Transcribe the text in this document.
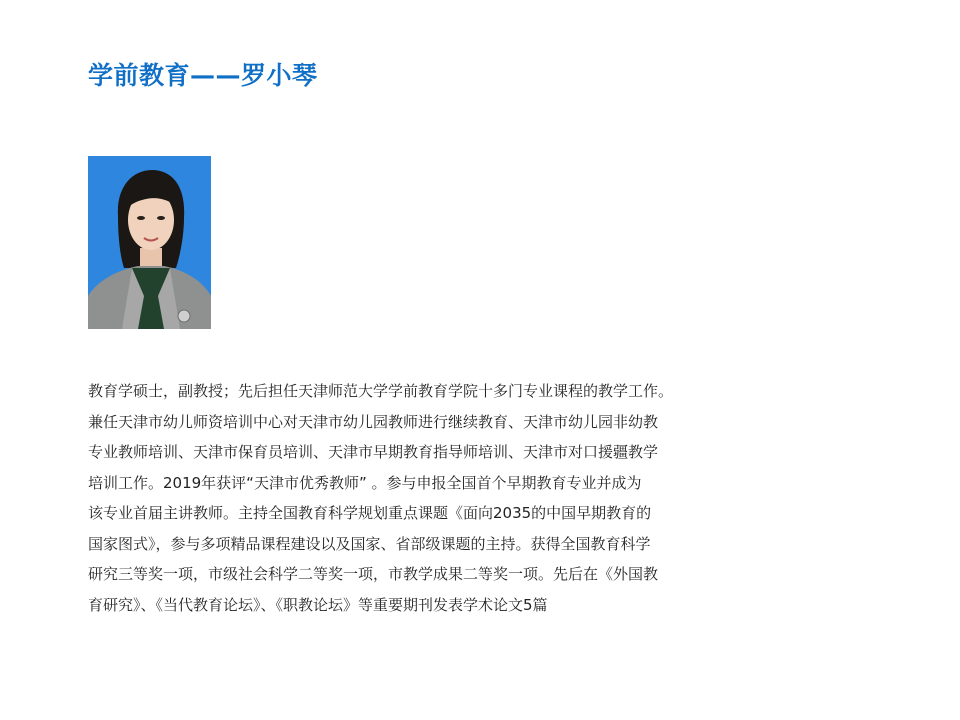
学前教育——罗小琴
教育学硕士，副教授；先后担任天津师范大学学前教育学院十多门专业课程的教学工作。
兼任天津市幼儿师资培训中心对天津市幼儿园教师进行继续教育、天津市幼儿园非幼教
专业教师培训、天津市保育员培训、天津市早期教育指导师培训、天津市对口援疆教学
培训工作。2019年获评“天津市优秀教师” 。参与申报全国首个早期教育专业并成为
该专业首届主讲教师。主持全国教育科学规划重点课题《面向2035的中国早期教育的
国家图式》，参与多项精品课程建设以及国家、省部级课题的主持。获得全国教育科学
研究三等奖一项，市级社会科学二等奖一项，市教学成果二等奖一项。先后在《外国教
育研究》、《当代教育论坛》、《职教论坛》等重要期刊发表学术论文5篇
